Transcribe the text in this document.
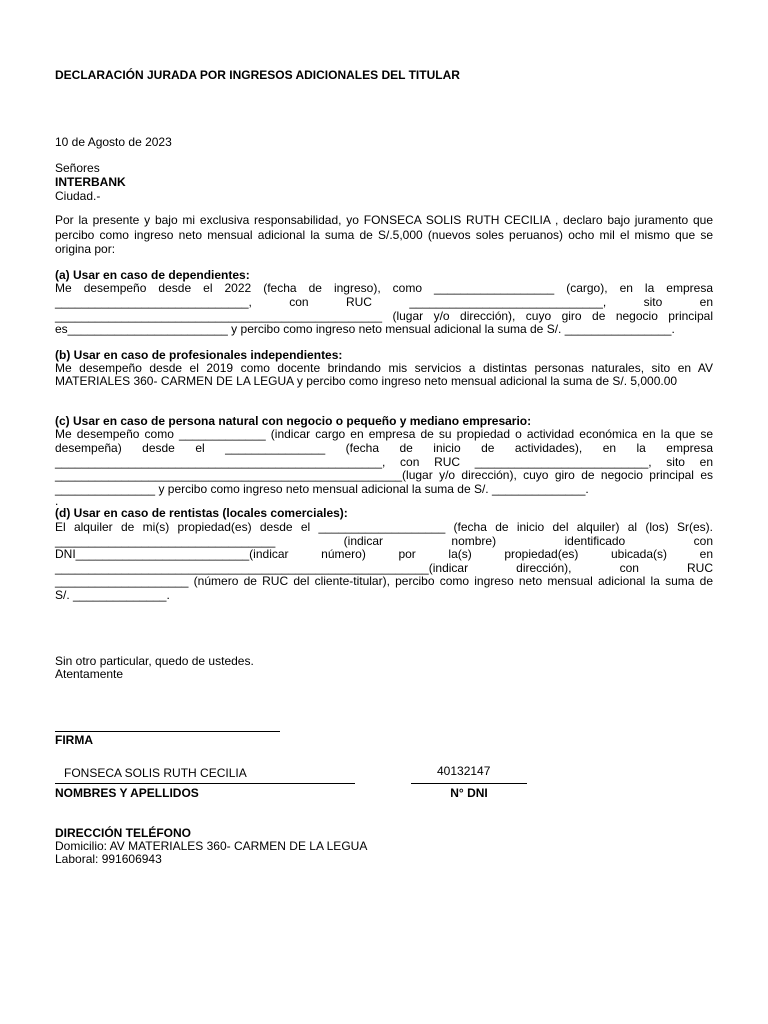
DECLARACIÓN JURADA POR INGRESOS ADICIONALES DEL TITULAR
10 de Agosto de 2023
Señores
INTERBANK
Ciudad.-
Por la presente y bajo mi exclusiva responsabilidad, yo FONSECA SOLIS RUTH CECILIA , declaro bajo juramento que
percibo como ingreso neto mensual adicional la suma de S/.5,000 (nuevos soles peruanos) ocho mil el mismo que se
origina por:
(a) Usar en caso de dependientes:
Me desempeño desde el 2022 (fecha de ingreso), como __________________ (cargo), en la empresa
_____________________________, con RUC _____________________________, sito en
_________________________________________________ (lugar y/o dirección), cuyo giro de negocio principal
es________________________ y percibo como ingreso neto mensual adicional la suma de S/. ________________.
(b) Usar en caso de profesionales independientes:
Me desempeño desde el 2019 como docente brindando mis servicios a distintas personas naturales, sito en AV
MATERIALES 360- CARMEN DE LA LEGUA y percibo como ingreso neto mensual adicional la suma de S/. 5,000.00
(c) Usar en caso de persona natural con negocio o pequeño y mediano empresario:
Me desempeño como _____________ (indicar cargo en empresa de su propiedad o actividad económica en la que se
desempeña) desde el _______________ (fecha de inicio de actividades), en la empresa
_________________________________________________, con RUC __________________________, sito en
____________________________________________________(lugar y/o dirección), cuyo giro de negocio principal es
_______________ y percibo como ingreso neto mensual adicional la suma de S/. ______________.
.
(d) Usar en caso de rentistas (locales comerciales):
El alquiler de mi(s) propiedad(es) desde el ___________________ (fecha de inicio del alquiler) al (los) Sr(es).
_________________________________ (indicar nombre) identificado con
DNI__________________________(indicar número) por la(s) propiedad(es) ubicada(s) en
________________________________________________________(indicar dirección), con RUC
____________________ (número de RUC del cliente-titular), percibo como ingreso neto mensual adicional la suma de
S/. ______________.
Sin otro particular, quedo de ustedes.
Atentamente
FIRMA
FONSECA SOLIS RUTH CECILIA
NOMBRES Y APELLIDOS
40132147
N° DNI
DIRECCIÓN TELÉFONO
Domicilio: AV MATERIALES 360- CARMEN DE LA LEGUA
Laboral: 991606943
